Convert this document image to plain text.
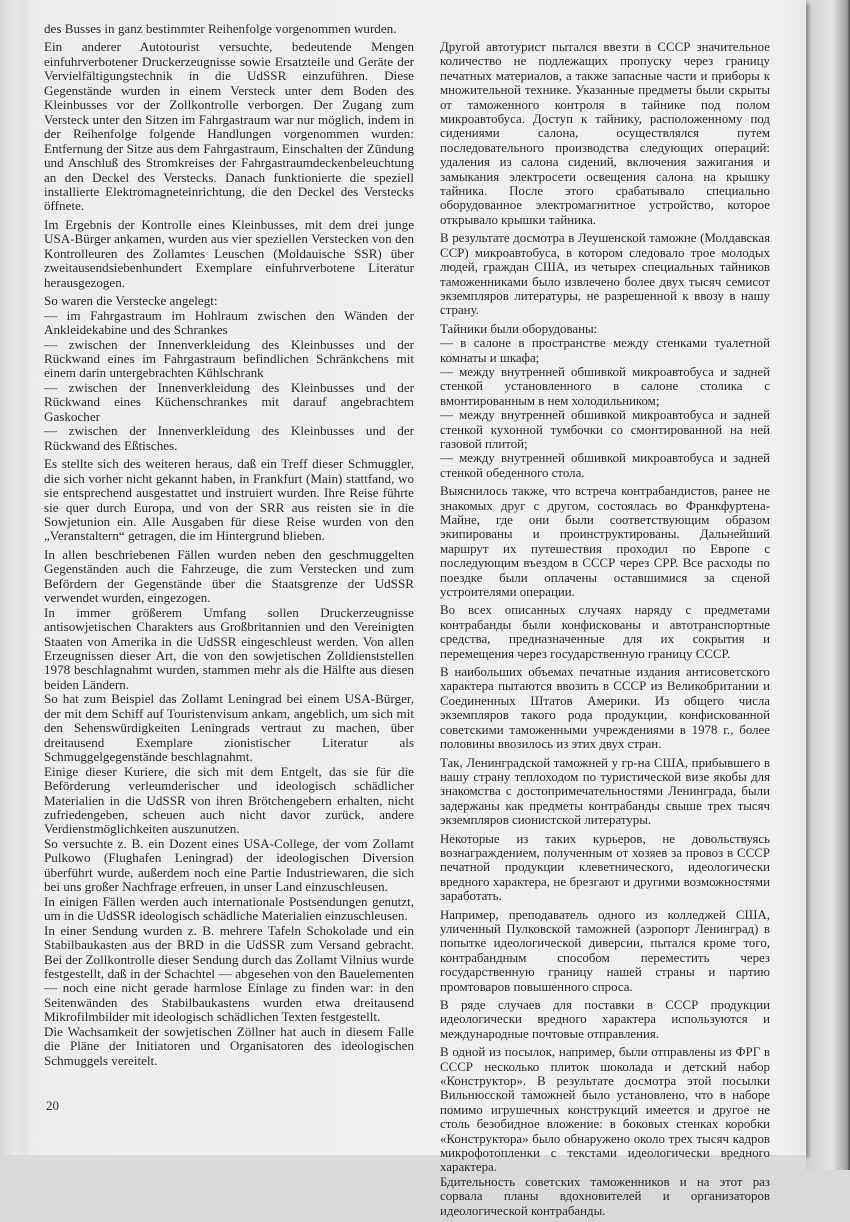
des Busses in ganz bestimmter Reihenfolge vorgenommen wurden.

Ein anderer Autotourist versuchte, bedeutende Mengen einfuhrverbotener Druckerzeugnisse sowie Ersatzteile und Geräte der Vervielfältigungstechnik in die UdSSR einzuführen. Diese Gegenstände wurden in einem Versteck unter dem Boden des Kleinbusses vor der Zollkontrolle verborgen. Der Zugang zum Versteck unter den Sitzen im Fahrgastraum war nur möglich, indem in der Reihenfolge folgende Handlungen vorgenommen wurden: Entfernung der Sitze aus dem Fahrgastraum, Einschalten der Zündung und Anschluß des Stromkreises der Fahrgastraumdeckenbeleuchtung an den Deckel des Verstecks. Danach funktionierte die speziell installierte Elektromagneteinrichtung, die den Deckel des Verstecks öffnete.

Im Ergebnis der Kontrolle eines Kleinbusses, mit dem drei junge USA-Bürger ankamen, wurden aus vier speziellen Verstecken von den Kontrolleuren des Zollamtes Leuschen (Moldauische SSR) über zweitausendsiebenhundert Exemplare einfuhrverbotene Literatur herausgezogen.

So waren die Verstecke angelegt:

— im Fahrgastraum im Hohlraum zwischen den Wänden der Ankleidekabine und des Schrankes

— zwischen der Innenverkleidung des Kleinbusses und der Rückwand eines im Fahrgastraum befindlichen Schränkchens mit einem darin untergebrachten Kühlschrank

— zwischen der Innenverkleidung des Kleinbusses und der Rückwand eines Küchenschrankes mit darauf angebrachtem Gaskocher

— zwischen der Innenverkleidung des Kleinbusses und der Rückwand des Eßtisches.

Es stellte sich des weiteren heraus, daß ein Treff dieser Schmuggler, die sich vorher nicht gekannt haben, in Frankfurt (Main) stattfand, wo sie entsprechend ausgestattet und instruiert wurden. Ihre Reise führte sie quer durch Europa, und von der SRR aus reisten sie in die Sowjetunion ein. Alle Ausgaben für diese Reise wurden von den „Veranstaltern“ getragen, die im Hintergrund blieben.

In allen beschriebenen Fällen wurden neben den geschmuggelten Gegenständen auch die Fahrzeuge, die zum Verstecken und zum Befördern der Gegenstände über die Staatsgrenze der UdSSR verwendet wurden, eingezogen.

In immer größerem Umfang sollen Druckerzeugnisse antisowjetischen Charakters aus Großbritannien und den Vereinigten Staaten von Amerika in die UdSSR eingeschleust werden. Von allen Erzeugnissen dieser Art, die von den sowjetischen Zolldienststellen 1978 beschlagnahmt wurden, stammen mehr als die Hälfte aus diesen beiden Ländern.

So hat zum Beispiel das Zollamt Leningrad bei einem USA-Bürger, der mit dem Schiff auf Touristenvisum ankam, angeblich, um sich mit den Sehenswürdigkeiten Leningrads vertraut zu machen, über dreitausend Exemplare zionistischer Literatur als Schmuggelgegenstände beschlagnahmt.

Einige dieser Kuriere, die sich mit dem Entgelt, das sie für die Beförderung verleumderischer und ideologisch schädlicher Materialien in die UdSSR von ihren Brötchengebern erhalten, nicht zufriedengeben, scheuen auch nicht davor zurück, andere Verdienstmöglichkeiten auszunutzen.

So versuchte z. B. ein Dozent eines USA-College, der vom Zollamt Pulkowo (Flughafen Leningrad) der ideologischen Diversion überführt wurde, außerdem noch eine Partie Industriewaren, die sich bei uns großer Nachfrage erfreuen, in unser Land einzuschleusen.

In einigen Fällen werden auch internationale Postsendungen genutzt, um in die UdSSR ideologisch schädliche Materialien einzuschleusen.

In einer Sendung wurden z. B. mehrere Tafeln Schokolade und ein Stabilbaukasten aus der BRD in die UdSSR zum Versand gebracht. Bei der Zollkontrolle dieser Sendung durch das Zollamt Vilnius wurde festgestellt, daß in der Schachtel — abgesehen von den Bauelementen — noch eine nicht gerade harmlose Einlage zu finden war: in den Seitenwänden des Stabilbaukastens wurden etwa dreitausend Mikrofilmbilder mit ideologisch schädlichen Texten festgestellt.

Die Wachsamkeit der sowjetischen Zöllner hat auch in diesem Falle die Pläne der Initiatoren und Organisatoren des ideologischen Schmuggels vereitelt.

Другой автотурист пытался ввезти в СССР значительное количество не подлежащих пропуску через границу печатных материалов, а также запасные части и приборы к множительной технике. Указанные предметы были скрыты от таможенного контроля в тайнике под полом микроавтобуса. Доступ к тайнику, расположенному под сидениями салона, осуществлялся путем последовательного производства следующих операций: удаления из салона сидений, включения зажигания и замыкания электросети освещения салона на крышку тайника. После этого срабатывало специально оборудованное электромагнитное устройство, которое открывало крышки тайника.

В результате досмотра в Леушенской таможне (Молдавская ССР) микроавтобуса, в котором следовало трое молодых людей, граждан США, из четырех специальных тайников таможенниками было извлечено более двух тысяч семисот экземпляров литературы, не разрешенной к ввозу в нашу страну.

Тайники были оборудованы:

— в салоне в пространстве между стенками туалетной комнаты и шкафа;

— между внутренней обшивкой микроавтобуса и задней стенкой установленного в салоне столика с вмонтированным в нем холодильником;

— между внутренней обшивкой микроавтобуса и задней стенкой кухонной тумбочки со смонтированной на ней газовой плитой;

— между внутренней обшивкой микроавтобуса и задней стенкой обеденного стола.

Выяснилось также, что встреча контрабандистов, ранее не знакомых друг с другом, состоялась во Франкфуртена-Майне, где они были соответствующим образом экипированы и проинструктированы. Дальнейший маршрут их путешествия проходил по Европе с последующим въездом в СССР через СРР. Все расходы по поездке были оплачены оставшимися за сценой устроителями операции.

Во всех описанных случаях наряду с предметами контрабанды были конфискованы и автотранспортные средства, предназначенные для их сокрытия и перемещения через государственную границу СССР.

В наибольших объемах печатные издания антисоветского характера пытаются ввозить в СССР из Великобритании и Соединенных Штатов Америки. Из общего числа экземпляров такого рода продукции, конфискованной советскими таможенными учреждениями в 1978 г., более половины ввозилось из этих двух стран.

Так, Ленинградской таможней у гр-на США, прибывшего в нашу страну теплоходом по туристической визе якобы для знакомства с достопримечательностями Ленинграда, были задержаны как предметы контрабанды свыше трех тысяч экземпляров сионистской литературы.

Некоторые из таких курьеров, не довольствуясь вознаграждением, полученным от хозяев за провоз в СССР печатной продукции клеветнического, идеологически вредного характера, не брезгают и другими возможностями заработать.

Например, преподаватель одного из колледжей США, уличенный Пулковской таможней (аэропорт Ленинград) в попытке идеологической диверсии, пытался кроме того, контрабандным способом переместить через государственную границу нашей страны и партию промтоваров повышенного спроса.

В ряде случаев для поставки в СССР продукции идеологически вредного характера используются и международные почтовые отправления.

В одной из посылок, например, были отправлены из ФРГ в СССР несколько плиток шоколада и детский набор «Конструктор». В результате досмотра этой посылки Вильнюсской таможней было установлено, что в наборе помимо игрушечных конструкций имеется и другое не столь безобидное вложение: в боковых стенках коробки «Конструктора» было обнаружено около трех тысяч кадров микрофотопленки с текстами идеологически вредного характера.

Бдительность советских таможенников и на этот раз сорвала планы вдохновителей и организаторов идеологической контрабанды.

20
